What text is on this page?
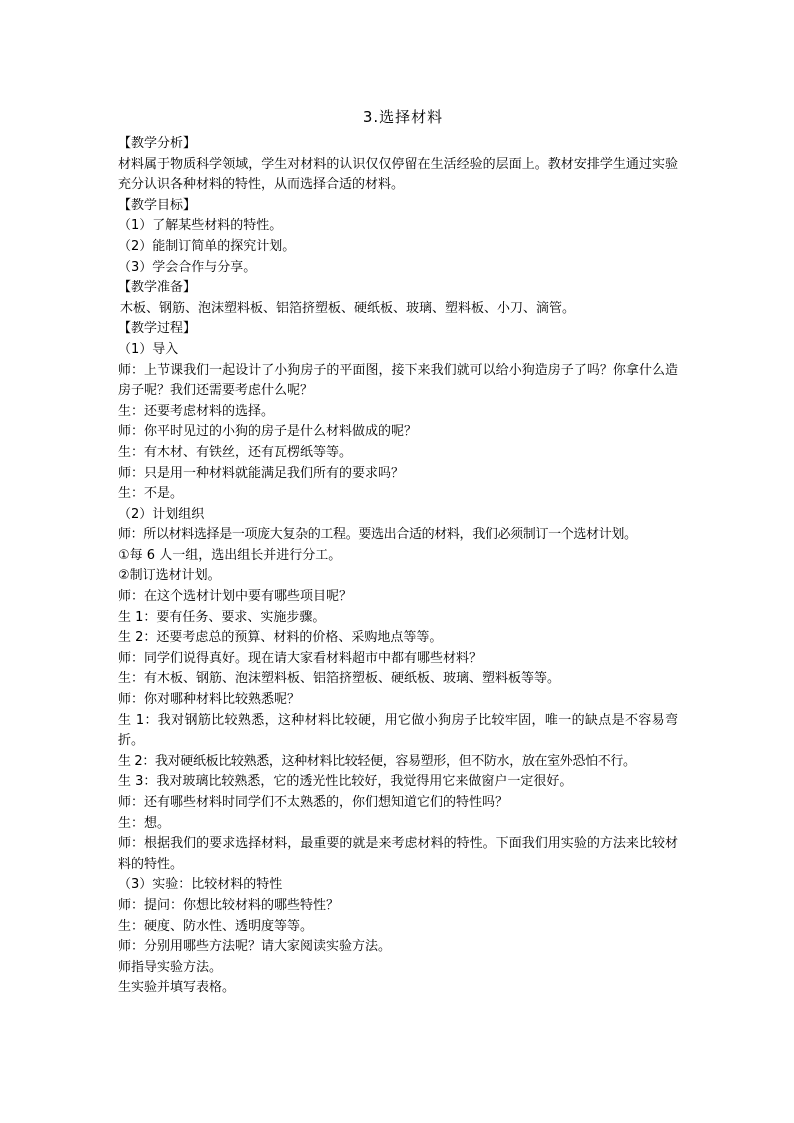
3.选择材料
【教学分析】
材料属于物质科学领域，学生对材料的认识仅仅停留在生活经验的层面上。教材安排学生通过实验充分认识各种材料的特性，从而选择合适的材料。
【教学目标】
（1）了解某些材料的特性。
（2）能制订简单的探究计划。
（3）学会合作与分享。
【教学准备】
木板、钢筋、泡沫塑料板、铝箔挤塑板、硬纸板、玻璃、塑料板、小刀、滴管。
【教学过程】
（1）导入
师：上节课我们一起设计了小狗房子的平面图，接下来我们就可以给小狗造房子了吗？你拿什么造房子呢？我们还需要考虑什么呢？
生：还要考虑材料的选择。
师：你平时见过的小狗的房子是什么材料做成的呢？
生：有木材、有铁丝，还有瓦楞纸等等。
师：只是用一种材料就能满足我们所有的要求吗？
生：不是。
（2）计划组织
师：所以材料选择是一项庞大复杂的工程。要选出合适的材料，我们必须制订一个选材计划。
①每 6 人一组，选出组长并进行分工。
②制订选材计划。
师：在这个选材计划中要有哪些项目呢？
生 1：要有任务、要求、实施步骤。
生 2：还要考虑总的预算、材料的价格、采购地点等等。
师：同学们说得真好。现在请大家看材料超市中都有哪些材料？
生：有木板、钢筋、泡沫塑料板、铝箔挤塑板、硬纸板、玻璃、塑料板等等。
师：你对哪种材料比较熟悉呢？
生 1：我对钢筋比较熟悉，这种材料比较硬，用它做小狗房子比较牢固，唯一的缺点是不容易弯折。
生 2：我对硬纸板比较熟悉，这种材料比较轻便，容易塑形，但不防水，放在室外恐怕不行。
生 3：我对玻璃比较熟悉，它的透光性比较好，我觉得用它来做窗户一定很好。
师：还有哪些材料时同学们不太熟悉的，你们想知道它们的特性吗？
生：想。
师：根据我们的要求选择材料，最重要的就是来考虑材料的特性。下面我们用实验的方法来比较材料的特性。
（3）实验：比较材料的特性
师：提问：你想比较材料的哪些特性？
生：硬度、防水性、透明度等等。
师：分别用哪些方法呢？请大家阅读实验方法。
师指导实验方法。
生实验并填写表格。
